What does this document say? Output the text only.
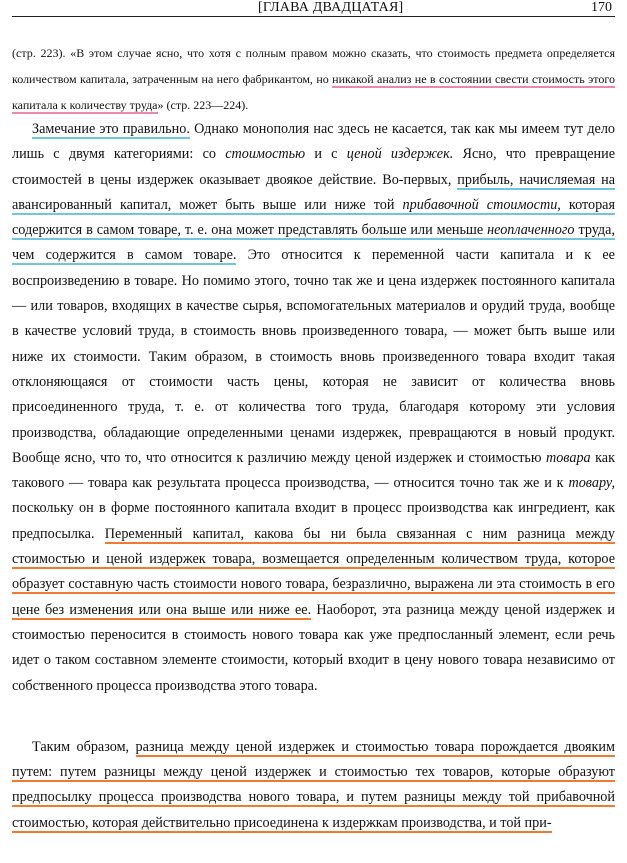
[ГЛАВА ДВАДЦАТАЯ]	170

(стр. 223). «В этом случае ясно, что хотя с полным правом можно сказать, что стоимость предмета определяется количеством капитала, затраченным на него фабрикантом, но никакой анализ не в состоянии свести стоимость этого капитала к количеству труда» (стр. 223—224).

Замечание это правильно. Однако монополия нас здесь не касается, так как мы имеем тут дело лишь с двумя категориями: со стоимостью и с ценой издержек. Ясно, что превращение стоимостей в цены издержек оказывает двоякое действие. Во-первых, прибыль, начисляемая на авансированный капитал, может быть выше или ниже той прибавочной стоимости, которая содержится в самом товаре, т. е. она может представлять больше или меньше неоплаченного труда, чем содержится в самом товаре. Это относится к переменной части капитала и к ее воспроизведению в товаре. Но помимо этого, точно так же и цена издержек постоянного капитала — или товаров, входящих в качестве сырья, вспомогательных материалов и орудий труда, вообще в качестве условий труда, в стоимость вновь произведенного товара, — может быть выше или ниже их стоимости. Таким образом, в стоимость вновь произведенного товара входит такая отклоняющаяся от стоимости часть цены, которая не зависит от количества вновь присоединенного труда, т. е. от количества того труда, благодаря которому эти условия производства, обладающие определенными ценами издержек, превращаются в новый продукт. Вообще ясно, что то, что относится к различию между ценой издержек и стоимостью товара как такового — товара как результата процесса производства, — относится точно так же и к товару, поскольку он в форме постоянного капитала входит в процесс производства как ингредиент, как предпосылка. Переменный капитал, какова бы ни была связанная с ним разница между стоимостью и ценой издержек товара, возмещается определенным количеством труда, которое образует составную часть стоимости нового товара, безразлично, выражена ли эта стоимость в его цене без изменения или она выше или ниже ее. Наоборот, эта разница между ценой издержек и стоимостью переносится в стоимость нового товара как уже предпосланный элемент, если речь идет о таком составном элементе стоимости, который входит в цену нового товара независимо от собственного процесса производства этого товара.

Таким образом, разница между ценой издержек и стоимостью товара порождается двояким путем: путем разницы между ценой издержек и стоимостью тех товаров, которые образуют предпосылку процесса производства нового товара, и путем разницы между той прибавочной стоимостью, которая действительно присоединена к издержкам производства, и той при-
